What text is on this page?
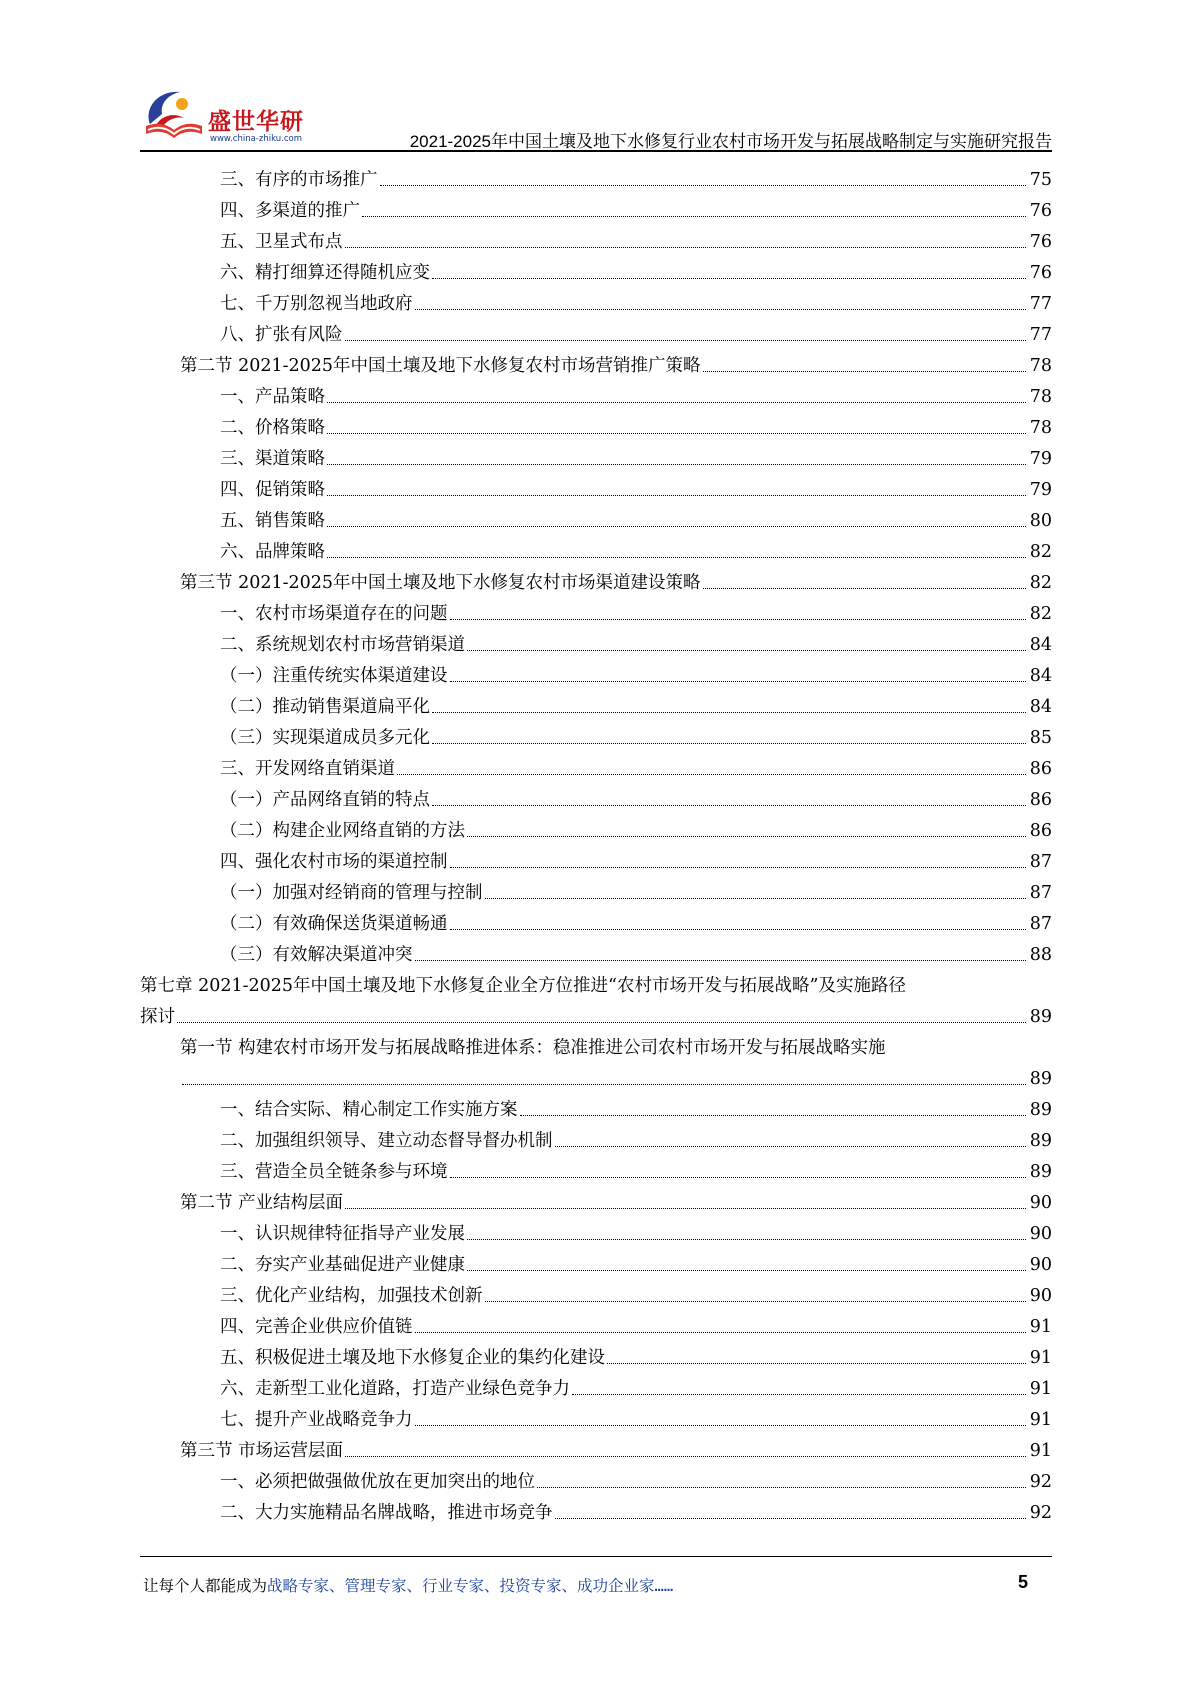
盛世华研
www.china-zhiku.com	2021-2025年中国土壤及地下水修复行业农村市场开发与拓展战略制定与实施研究报告
三、有序的市场推广	75
四、多渠道的推广	76
五、卫星式布点	76
六、精打细算还得随机应变	76
七、千万别忽视当地政府	77
八、扩张有风险	77
第二节 2021-2025年中国土壤及地下水修复农村市场营销推广策略	78
一、产品策略	78
二、价格策略	78
三、渠道策略	79
四、促销策略	79
五、销售策略	80
六、品牌策略	82
第三节 2021-2025年中国土壤及地下水修复农村市场渠道建设策略	82
一、农村市场渠道存在的问题	82
二、系统规划农村市场营销渠道	84
（一）注重传统实体渠道建设	84
（二）推动销售渠道扁平化	84
（三）实现渠道成员多元化	85
三、开发网络直销渠道	86
（一）产品网络直销的特点	86
（二）构建企业网络直销的方法	86
四、强化农村市场的渠道控制	87
（一）加强对经销商的管理与控制	87
（二）有效确保送货渠道畅通	87
（三）有效解决渠道冲突	88
第七章 2021-2025年中国土壤及地下水修复企业全方位推进“农村市场开发与拓展战略”及实施路径
探讨	89
第一节 构建农村市场开发与拓展战略推进体系：稳准推进公司农村市场开发与拓展战略实施
89
一、结合实际、精心制定工作实施方案	89
二、加强组织领导、建立动态督导督办机制	89
三、营造全员全链条参与环境	89
第二节 产业结构层面	90
一、认识规律特征指导产业发展	90
二、夯实产业基础促进产业健康	90
三、优化产业结构，加强技术创新	90
四、完善企业供应价值链	91
五、积极促进土壤及地下水修复企业的集约化建设	91
六、走新型工业化道路，打造产业绿色竞争力	91
七、提升产业战略竞争力	91
第三节 市场运营层面	91
一、必须把做强做优放在更加突出的地位	92
二、大力实施精品名牌战略，推进市场竞争	92
让每个人都能成为战略专家、管理专家、行业专家、投资专家、成功企业家……	5
